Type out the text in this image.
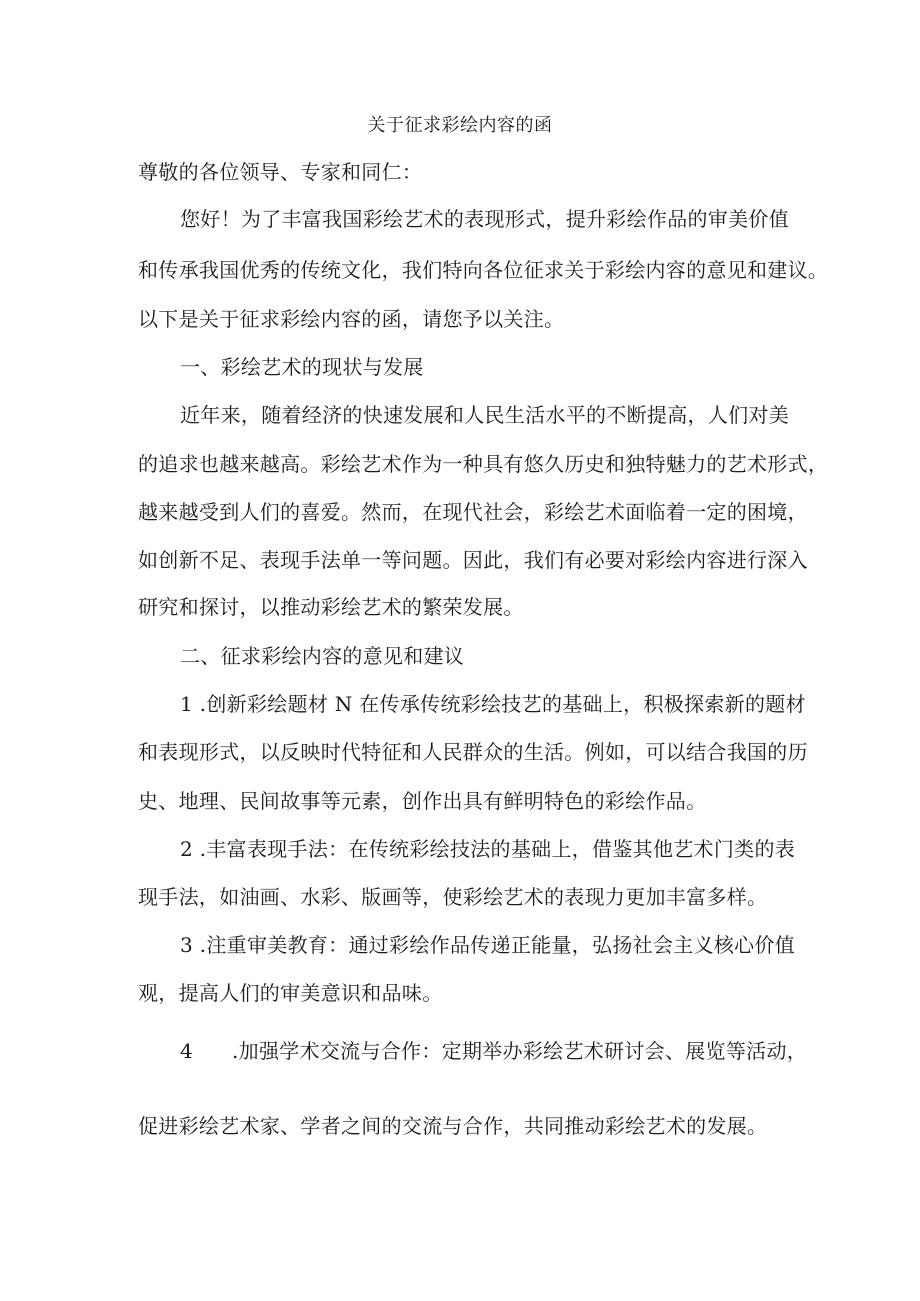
关于征求彩绘内容的函
尊敬的各位领导、专家和同仁：
您好！为了丰富我国彩绘艺术的表现形式，提升彩绘作品的审美价值
和传承我国优秀的传统文化，我们特向各位征求关于彩绘内容的意见和建议。
以下是关于征求彩绘内容的函，请您予以关注。
一、彩绘艺术的现状与发展
近年来，随着经济的快速发展和人民生活水平的不断提高，人们对美
的追求也越来越高。彩绘艺术作为一种具有悠久历史和独特魅力的艺术形式，
越来越受到人们的喜爱。然而，在现代社会，彩绘艺术面临着一定的困境，
如创新不足、表现手法单一等问题。因此，我们有必要对彩绘内容进行深入
研究和探讨，以推动彩绘艺术的繁荣发展。
二、征求彩绘内容的意见和建议
1 .创新彩绘题材 N 在传承传统彩绘技艺的基础上，积极探索新的题材
和表现形式，以反映时代特征和人民群众的生活。例如，可以结合我国的历
史、地理、民间故事等元素，创作出具有鲜明特色的彩绘作品。
2 .丰富表现手法：在传统彩绘技法的基础上，借鉴其他艺术门类的表
现手法，如油画、水彩、版画等，使彩绘艺术的表现力更加丰富多样。
3 .注重审美教育：通过彩绘作品传递正能量，弘扬社会主义核心价值
观，提高人们的审美意识和品味。
4 .加强学术交流与合作：定期举办彩绘艺术研讨会、展览等活动，
促进彩绘艺术家、学者之间的交流与合作，共同推动彩绘艺术的发展。
